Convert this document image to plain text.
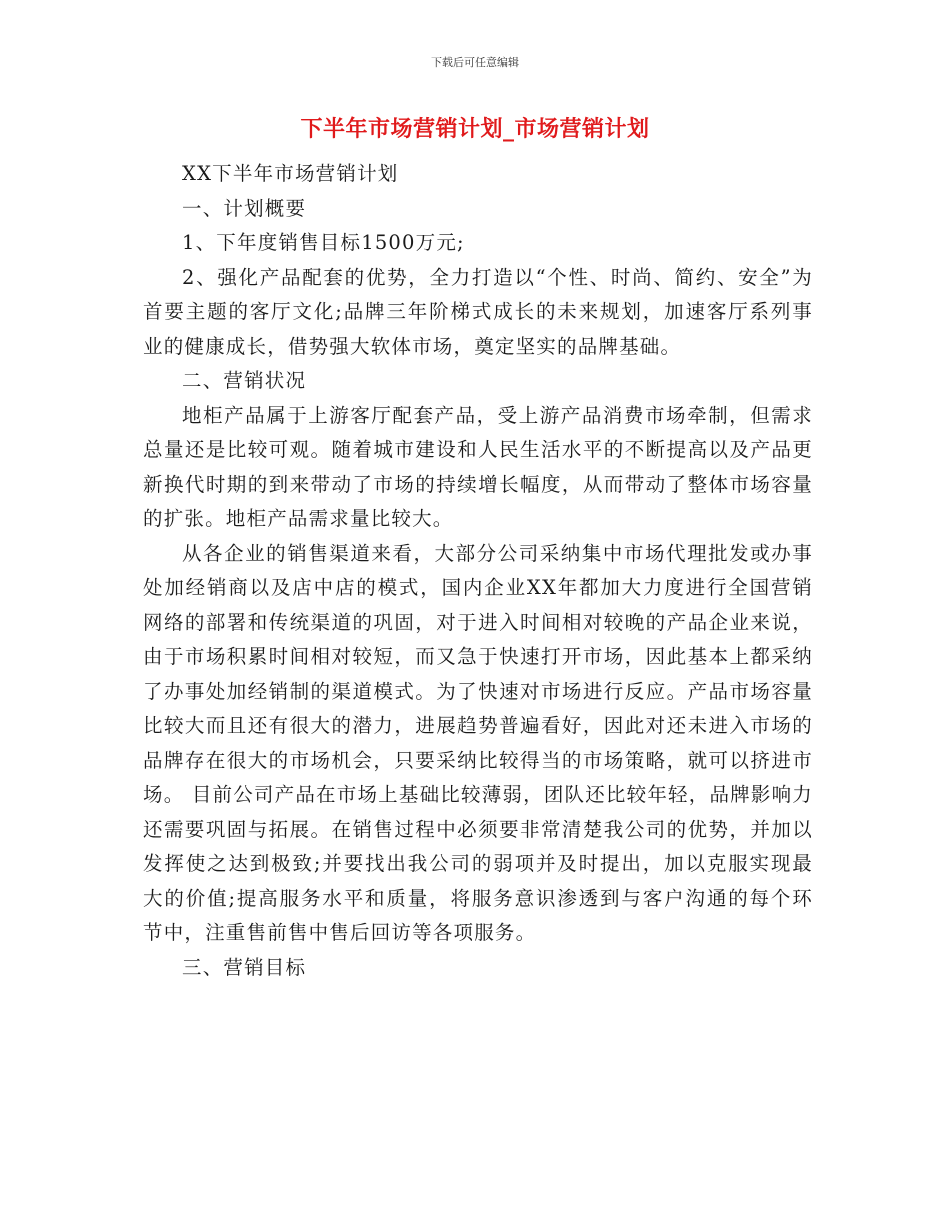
下载后可任意编辑
下半年市场营销计划_市场营销计划

XX下半年市场营销计划

一、计划概要

1、下年度销售目标1500万元;

2、强化产品配套的优势，全力打造以“个性、时尚、简约、安全”为首要主题的客厅文化;品牌三年阶梯式成长的未来规划，加速客厅系列事业的健康成长，借势强大软体市场，奠定坚实的品牌基础。

二、营销状况

地柜产品属于上游客厅配套产品，受上游产品消费市场牵制，但需求总量还是比较可观。随着城市建设和人民生活水平的不断提高以及产品更新换代时期的到来带动了市场的持续增长幅度，从而带动了整体市场容量的扩张。地柜产品需求量比较大。

从各企业的销售渠道来看，大部分公司采纳集中市场代理批发或办事处加经销商以及店中店的模式，国内企业XX年都加大力度进行全国营销网络的部署和传统渠道的巩固，对于进入时间相对较晚的产品企业来说，由于市场积累时间相对较短，而又急于快速打开市场，因此基本上都采纳了办事处加经销制的渠道模式。为了快速对市场进行反应。产品市场容量比较大而且还有很大的潜力，进展趋势普遍看好，因此对还未进入市场的品牌存在很大的市场机会，只要采纳比较得当的市场策略，就可以挤进市场。 目前公司产品在市场上基础比较薄弱，团队还比较年轻，品牌影响力还需要巩固与拓展。在销售过程中必须要非常清楚我公司的优势，并加以发挥使之达到极致;并要找出我公司的弱项并及时提出，加以克服实现最大的价值;提高服务水平和质量，将服务意识渗透到与客户沟通的每个环节中，注重售前售中售后回访等各项服务。

三、营销目标
